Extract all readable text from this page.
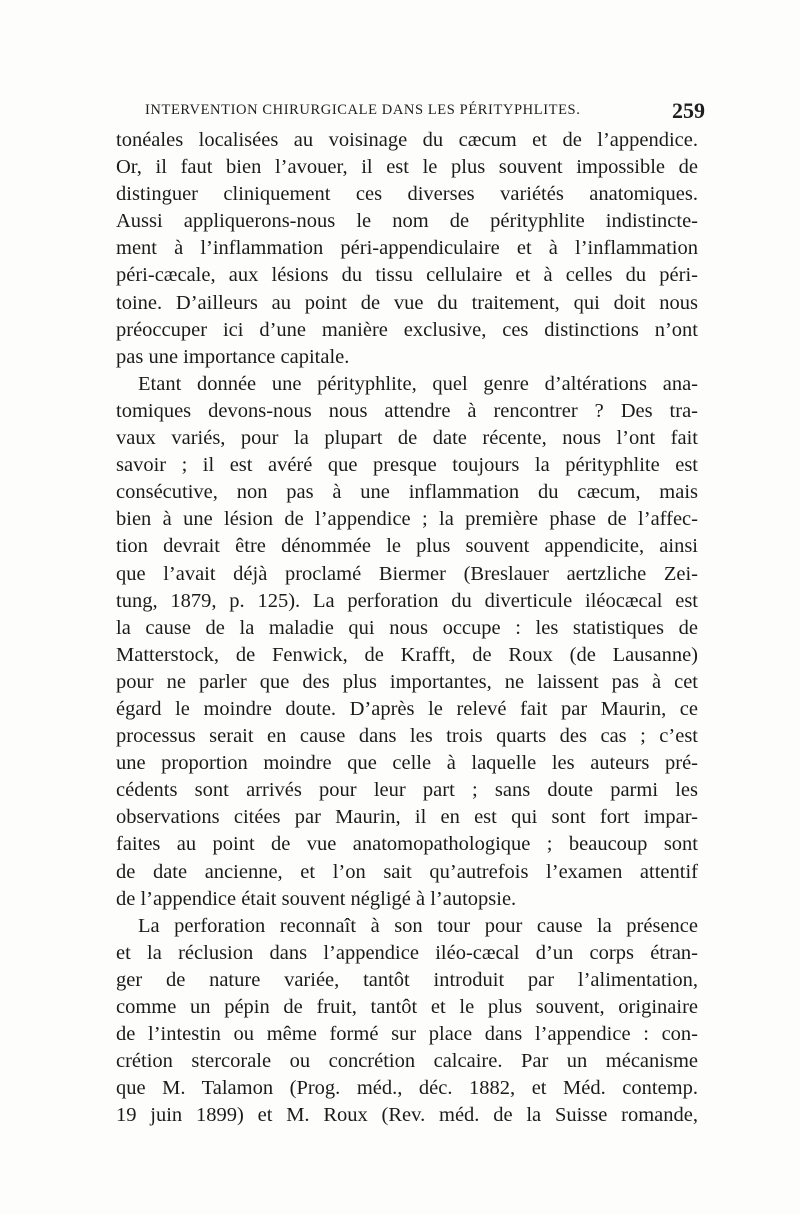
INTERVENTION CHIRURGICALE DANS LES PÉRITYPHLITES.	259
tonéales localisées au voisinage du cæcum et de l’appendice.
Or, il faut bien l’avouer, il est le plus souvent impossible de
distinguer cliniquement ces diverses variétés anatomiques.
Aussi appliquerons-nous le nom de pérityphlite indistincte-
ment à l’inflammation péri-appendiculaire et à l’inflammation
péri-cæcale, aux lésions du tissu cellulaire et à celles du péri-
toine. D’ailleurs au point de vue du traitement, qui doit nous
préoccuper ici d’une manière exclusive, ces distinctions n’ont
pas une importance capitale.
Etant donnée une pérityphlite, quel genre d’altérations ana-
tomiques devons-nous nous attendre à rencontrer ? Des tra-
vaux variés, pour la plupart de date récente, nous l’ont fait
savoir ; il est avéré que presque toujours la pérityphlite est
consécutive, non pas à une inflammation du cæcum, mais
bien à une lésion de l’appendice ; la première phase de l’affec-
tion devrait être dénommée le plus souvent appendicite, ainsi
que l’avait déjà proclamé Biermer (Breslauer aertzliche Zei-
tung, 1879, p. 125). La perforation du diverticule iléocæcal est
la cause de la maladie qui nous occupe : les statistiques de
Matterstock, de Fenwick, de Krafft, de Roux (de Lausanne)
pour ne parler que des plus importantes, ne laissent pas à cet
égard le moindre doute. D’après le relevé fait par Maurin, ce
processus serait en cause dans les trois quarts des cas ; c’est
une proportion moindre que celle à laquelle les auteurs pré-
cédents sont arrivés pour leur part ; sans doute parmi les
observations citées par Maurin, il en est qui sont fort impar-
faites au point de vue anatomopathologique ; beaucoup sont
de date ancienne, et l’on sait qu’autrefois l’examen attentif
de l’appendice était souvent négligé à l’autopsie.
La perforation reconnaît à son tour pour cause la présence
et la réclusion dans l’appendice iléo-cæcal d’un corps étran-
ger de nature variée, tantôt introduit par l’alimentation,
comme un pépin de fruit, tantôt et le plus souvent, originaire
de l’intestin ou même formé sur place dans l’appendice : con-
crétion stercorale ou concrétion calcaire. Par un mécanisme
que M. Talamon (Prog. méd., déc. 1882, et Méd. contemp.
19 juin 1899) et M. Roux (Rev. méd. de la Suisse romande,
